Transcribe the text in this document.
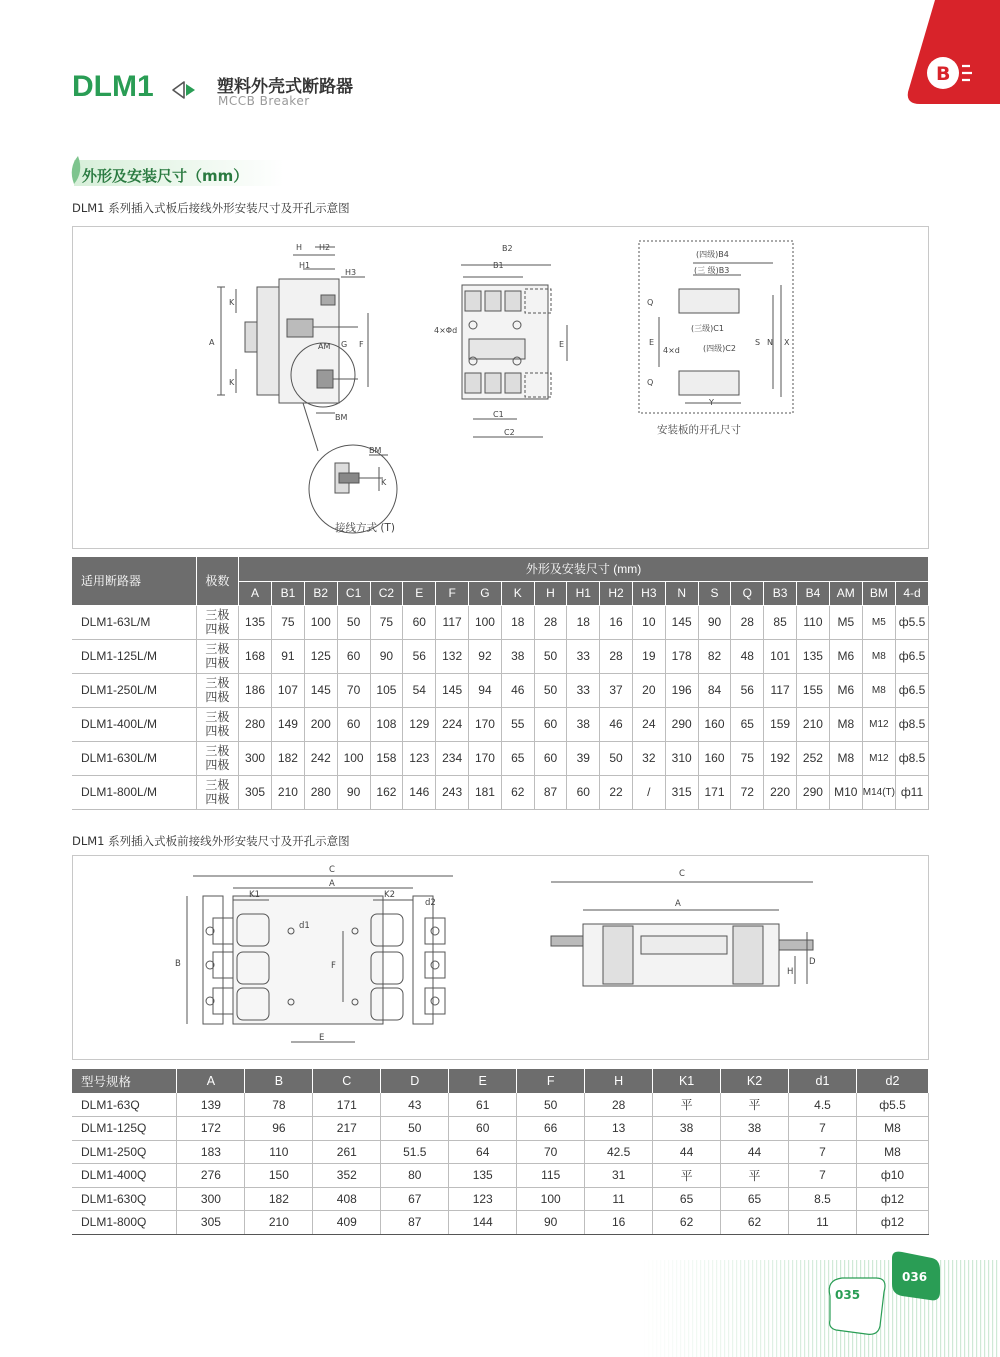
DLM1	塑料外壳式断路器
MCCB Breaker
B
外形及安装尺寸（mm）
DLM1 系列插入式板后接线外形安装尺寸及开孔示意图
H H2
H1
H3
K
A	G F
AM
K
BM
B2
B1
4×Φd
E
C1
C2
(四级)B4
(三 级)B3
Q
E
(三级)C1
4×d	(四级)C2
Q
S N X
Y
BM
K
接线方式 (T)
安装板的开孔尺寸
适用断路器	极数	外形及安装尺寸 (mm)																				
		A	B1	B2	C1	C2	E	F	G	K	H	H1	H2	H3	N	S	Q	B3	B4	AM	BM	4-d
DLM1-63L/M	三极
四极	135	75	100	50	75	60	117	100	18	28	18	16	10	145	90	28	85	110	M5	M5	ф5.5
DLM1-125L/M	三极
四极	168	91	125	60	90	56	132	92	38	50	33	28	19	178	82	48	101	135	M6	M8	ф6.5
DLM1-250L/M	三极
四极	186	107	145	70	105	54	145	94	46	50	33	37	20	196	84	56	117	155	M6	M8	ф6.5
DLM1-400L/M	三极
四极	280	149	200	60	108	129	224	170	55	60	38	46	24	290	160	65	159	210	M8	M12	ф8.5
DLM1-630L/M	三极
四极	300	182	242	100	158	123	234	170	65	60	39	50	32	310	160	75	192	252	M8	M12	ф8.5
DLM1-800L/M	三极
四极	305	210	280	90	162	146	243	181	62	87	60	22	/	315	171	72	220	290	M10	M14(T)	ф11
DLM1 系列插入式板前接线外形安装尺寸及开孔示意图
C
A
K1	K2
d2
d1
B	F
E
C
A
H
D
型号规格	A	B	C	D	E	F	H	K1	K2	d1	d2
DLM1-63Q	139	78	171	43	61	50	28	平	平	4.5	ф5.5
DLM1-125Q	172	96	217	50	60	66	13	38	38	7	M8
DLM1-250Q	183	110	261	51.5	64	70	42.5	44	44	7	M8
DLM1-400Q	276	150	352	80	135	115	31	平	平	7	ф10
DLM1-630Q	300	182	408	67	123	100	11	65	65	8.5	ф12
DLM1-800Q	305	210	409	87	144	90	16	62	62	11	ф12
035
036
